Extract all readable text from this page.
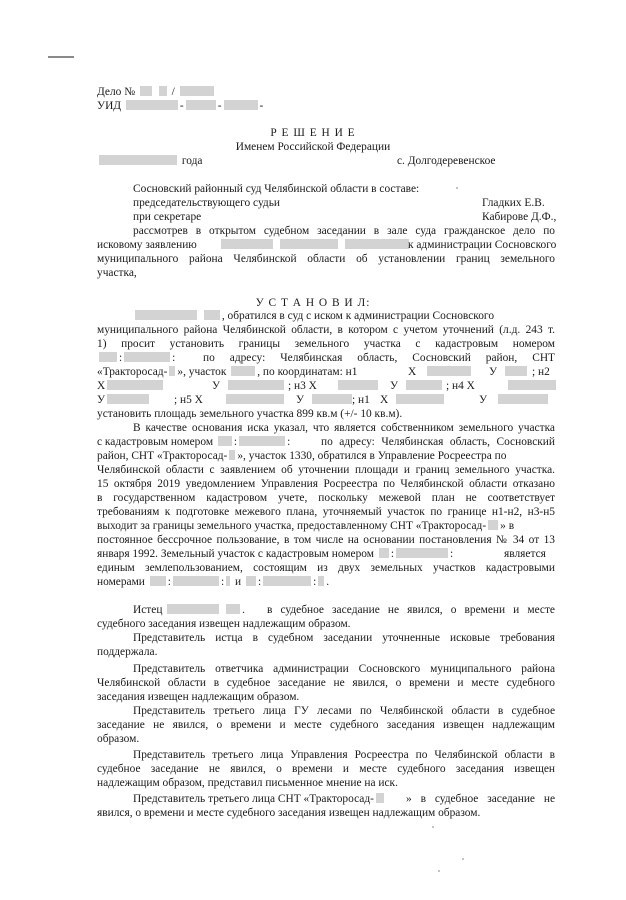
Дело №	/
УИД	-	-	-
Р Е Ш Е Н И Е
Именем Российской Федерации
года	с. Долгодеревенское
Сосновский районный суд Челябинской области в составе:
председательствующего судьи	Гладких Е.В.
при секретаре	Кабирове Д.Ф.,
рассмотрев в открытом судебном заседании в зале суда гражданское дело по
исковому заявлению
	к администрации Сосновского
муниципального района Челябинской области об установлении границ земельного
участка,
У С Т А Н О В И Л:
, обратился в суд с иском к администрации Сосновского
муниципального района Челябинской области, в котором с учетом уточнений (л.д. 243 т.
1) просит установить границы земельного участка с кадастровым номером
:	: по адресу: Челябинская область, Сосновский район, СНТ
«Тракторосад- », участок	, по координатам: н1	Х	У	; н2
Х	У	; н3 Х	У	; н4 Х
У	; н5 Х	У	; н1 Х	У
установить площадь земельного участка 899 кв.м (+/- 10 кв.м).
В качестве основания иска указал, что является собственником земельного участка
с кадастровым номером :	:	по адресу: Челябинская область, Сосновский
район, СНТ «Тракторосад- », участок 1330, обратился в Управление Росреестра по
Челябинской области с заявлением об уточнении площади и границ земельного участка.
15 октября 2019 уведомлением Управления Росреестра по Челябинской области отказано
в государственном кадастровом учете, поскольку межевой план не соответствует
требованиям к подготовке межевого плана, уточняемый участок по границе н1-н2, н3-н5
выходит за границы земельного участка, предоставленному СНТ «Тракторосад- » в
постоянное бессрочное пользование, в том числе на основании постановления № 34 от 13
января 1992. Земельный участок с кадастровым номером :	:	является
единым землепользованием, состоящим из двух земельных участков кадастровыми
номерами :	: и :	: .
Истец	. в судебное заседание не явился, о времени и месте
судебного заседания извещен надлежащим образом.
Представитель истца в судебном заседании уточненные исковые требования
поддержала.
Представитель ответчика администрации Сосновского муниципального района
Челябинской области в судебное заседание не явился, о времени и месте судебного
заседания извещен надлежащим образом.
Представитель третьего лица ГУ лесами по Челябинской области в судебное
заседание не явился, о времени и месте судебного заседания извещен надлежащим
образом.
Представитель третьего лица Управления Росреестра по Челябинской области в
судебное заседание не явился, о времени и месте судебного заседания извещен
надлежащим образом, представил письменное мнение на иск.
Представитель третьего лица СНТ «Тракторосад-	» в судебное заседание не
явился, о времени и месте судебного заседания извещен надлежащим образом.
